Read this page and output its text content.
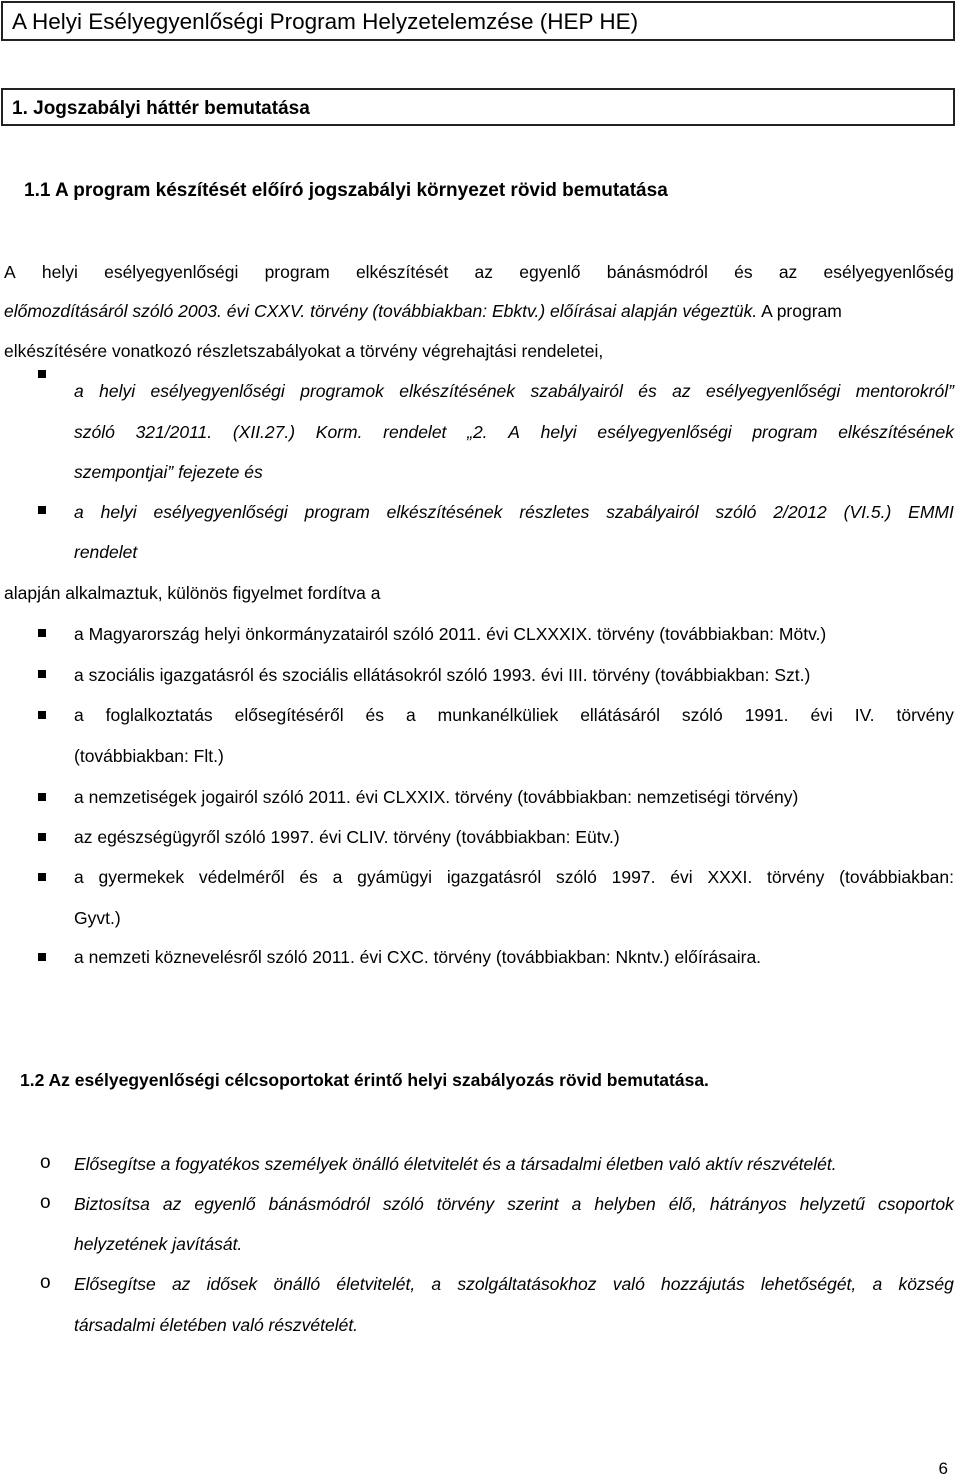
A Helyi Esélyegyenlőségi Program Helyzetelemzése (HEP HE)
1. Jogszabályi háttér bemutatása
1.1 A program készítését előíró jogszabályi környezet rövid bemutatása
A helyi esélyegyenlőségi program elkészítését az egyenlő bánásmódról és az esélyegyenlőség
előmozdításáról szóló 2003. évi CXXV. törvény (továbbiakban: Ebktv.) előírásai alapján végeztük. A program
elkészítésére vonatkozó részletszabályokat a törvény végrehajtási rendeletei,
a helyi esélyegyenlőségi programok elkészítésének szabályairól és az esélyegyenlőségi mentorokról”
szóló 321/2011. (XII.27.) Korm. rendelet „2. A helyi esélyegyenlőségi program elkészítésének
szempontjai” fejezete és
a helyi esélyegyenlőségi program elkészítésének részletes szabályairól szóló 2/2012 (VI.5.) EMMI
rendelet
alapján alkalmaztuk, különös figyelmet fordítva a
a Magyarország helyi önkormányzatairól szóló 2011. évi CLXXXIX. törvény (továbbiakban: Mötv.)
a szociális igazgatásról és szociális ellátásokról szóló 1993. évi III. törvény (továbbiakban: Szt.)
a foglalkoztatás elősegítéséről és a munkanélküliek ellátásáról szóló 1991. évi IV. törvény
(továbbiakban: Flt.)
a nemzetiségek jogairól szóló 2011. évi CLXXIX. törvény (továbbiakban: nemzetiségi törvény)
az egészségügyről szóló 1997. évi CLIV. törvény (továbbiakban: Eütv.)
a gyermekek védelméről és a gyámügyi igazgatásról szóló 1997. évi XXXI. törvény (továbbiakban:
Gyvt.)
a nemzeti köznevelésről szóló 2011. évi CXC. törvény (továbbiakban: Nkntv.) előírásaira.
1.2 Az esélyegyenlőségi célcsoportokat érintő helyi szabályozás rövid bemutatása.
o Elősegítse a fogyatékos személyek önálló életvitelét és a társadalmi életben való aktív részvételét.
o Biztosítsa az egyenlő bánásmódról szóló törvény szerint a helyben élő, hátrányos helyzetű csoportok
helyzetének javítását.
o Elősegítse az idősek önálló életvitelét, a szolgáltatásokhoz való hozzájutás lehetőségét, a község
társadalmi életében való részvételét.
6
